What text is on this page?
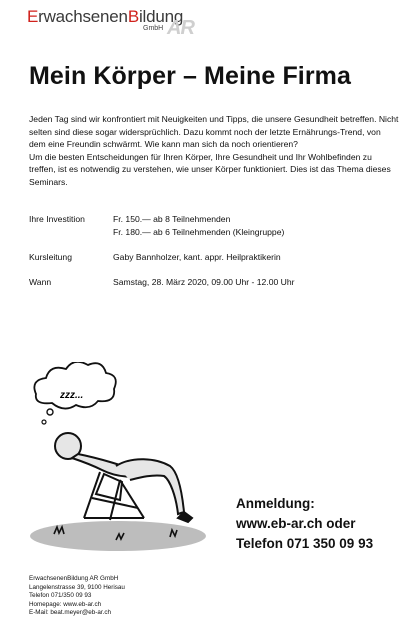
ErwachsenenBildung
AR
GmbH
Mein Körper – Meine Firma

Jeden Tag sind wir konfrontiert mit Neuigkeiten und Tipps, die unsere Gesundheit betreffen. Nicht selten sind diese sogar widersprüchlich. Dazu kommt noch der letzte Ernährungs-Trend, von dem eine Freundin schwärmt. Wie kann man sich da noch orientieren?

Um die besten Entscheidungen für Ihren Körper, Ihre Gesundheit und Ihr Wohlbefinden zu treffen, ist es notwendig zu verstehen, wie unser Körper funktioniert. Dies ist das Thema dieses Seminars.

Ihre Investition	Fr. 150.— ab 8 Teilnehmenden
Fr. 180.— ab 6 Teilnehmenden (Kleingruppe)
Kursleitung	Gaby Bannholzer, kant. appr. Heilpraktikerin
Wann	Samstag, 28. März 2020, 09.00 Uhr - 12.00 Uhr
zzz...
Anmeldung:
www.eb-ar.ch oder
Telefon 071 350 09 93
ErwachsenenBildung AR GmbH
Langelenstrasse 39, 9100 Herisau
Telefon 071/350 09 93
Homepage: www.eb-ar.ch
E-Mail: beat.meyer@eb-ar.ch
